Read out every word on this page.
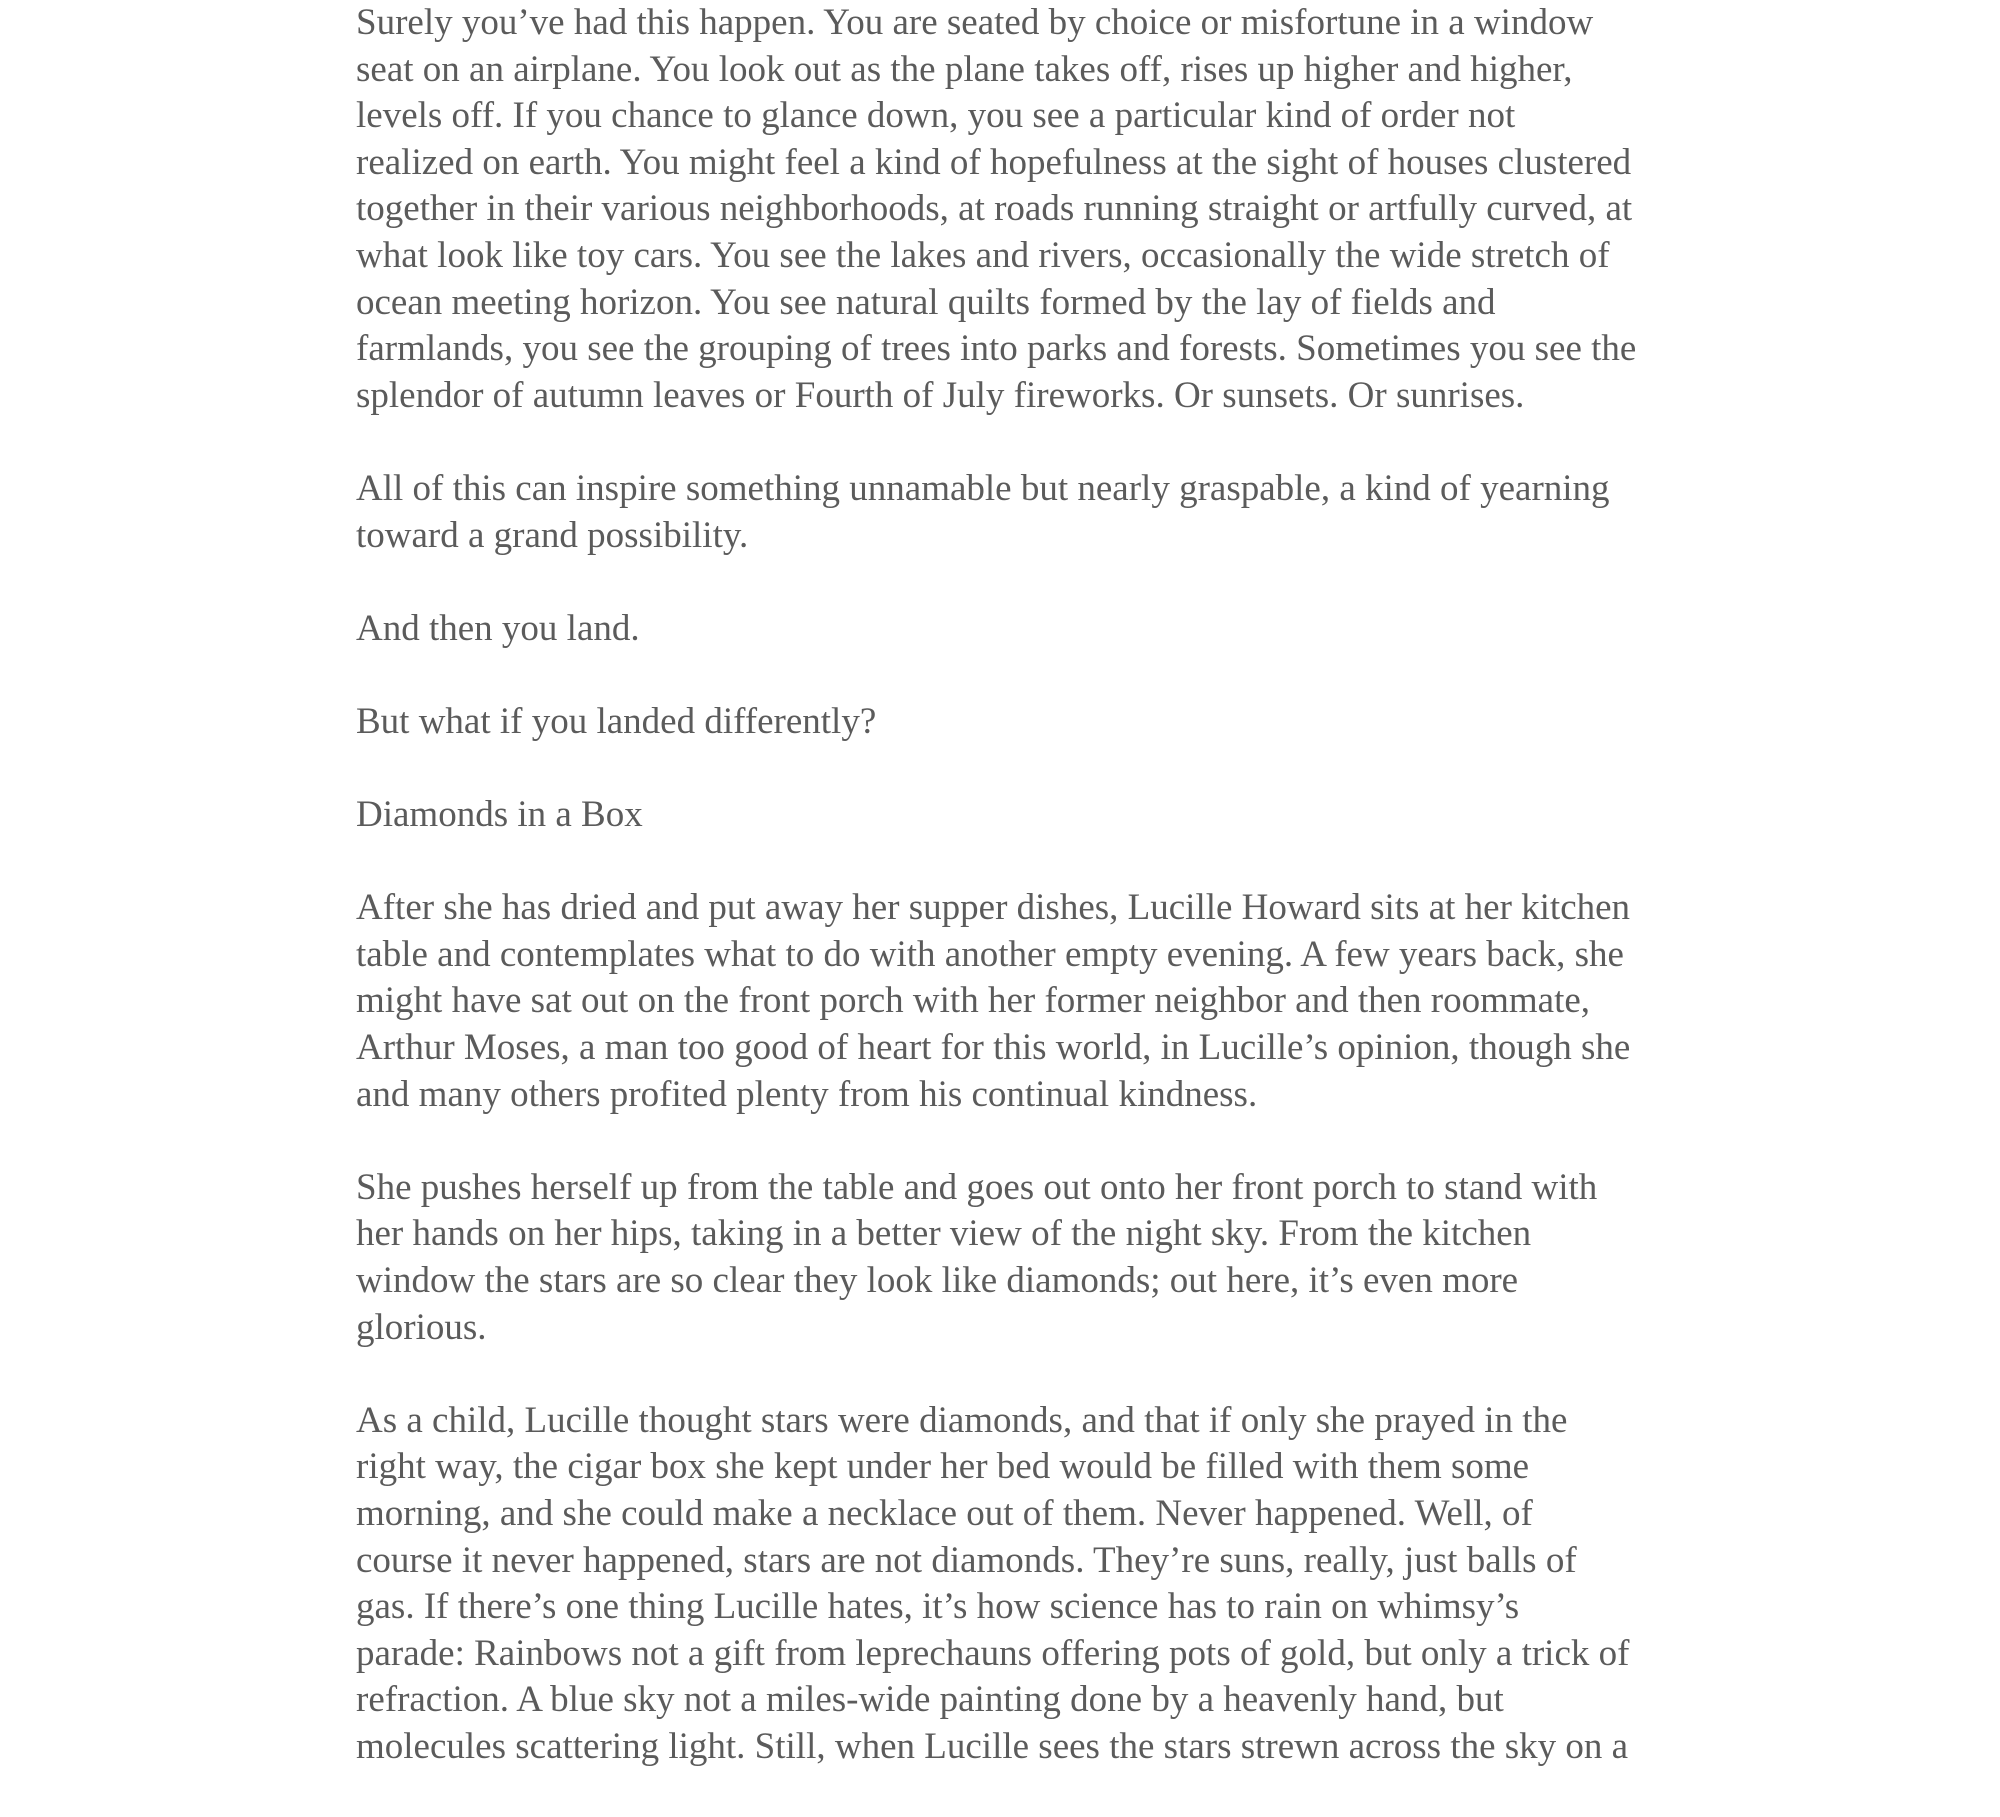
Surely you’ve had this happen. You are seated by choice or misfortune in a window
seat on an airplane. You look out as the plane takes off, rises up higher and higher,
levels off. If you chance to glance down, you see a particular kind of order not
realized on earth. You might feel a kind of hopefulness at the sight of houses clustered
together in their various neighborhoods, at roads running straight or artfully curved, at
what look like toy cars. You see the lakes and rivers, occasionally the wide stretch of
ocean meeting horizon. You see natural quilts formed by the lay of fields and
farmlands, you see the grouping of trees into parks and forests. Sometimes you see the
splendor of autumn leaves or Fourth of July fireworks. Or sunsets. Or sunrises.

All of this can inspire something unnamable but nearly graspable, a kind of yearning
toward a grand possibility.

And then you land.

But what if you landed differently?

Diamonds in a Box

After she has dried and put away her supper dishes, Lucille Howard sits at her kitchen
table and contemplates what to do with another empty evening. A few years back, she
might have sat out on the front porch with her former neighbor and then roommate,
Arthur Moses, a man too good of heart for this world, in Lucille’s opinion, though she
and many others profited plenty from his continual kindness.

She pushes herself up from the table and goes out onto her front porch to stand with
her hands on her hips, taking in a better view of the night sky. From the kitchen
window the stars are so clear they look like diamonds; out here, it’s even more
glorious.

As a child, Lucille thought stars were diamonds, and that if only she prayed in the
right way, the cigar box she kept under her bed would be filled with them some
morning, and she could make a necklace out of them. Never happened. Well, of
course it never happened, stars are not diamonds. They’re suns, really, just balls of
gas. If there’s one thing Lucille hates, it’s how science has to rain on whimsy’s
parade: Rainbows not a gift from leprechauns offering pots of gold, but only a trick of
refraction. A blue sky not a miles-wide painting done by a heavenly hand, but
molecules scattering light. Still, when Lucille sees the stars strewn across the sky on a
